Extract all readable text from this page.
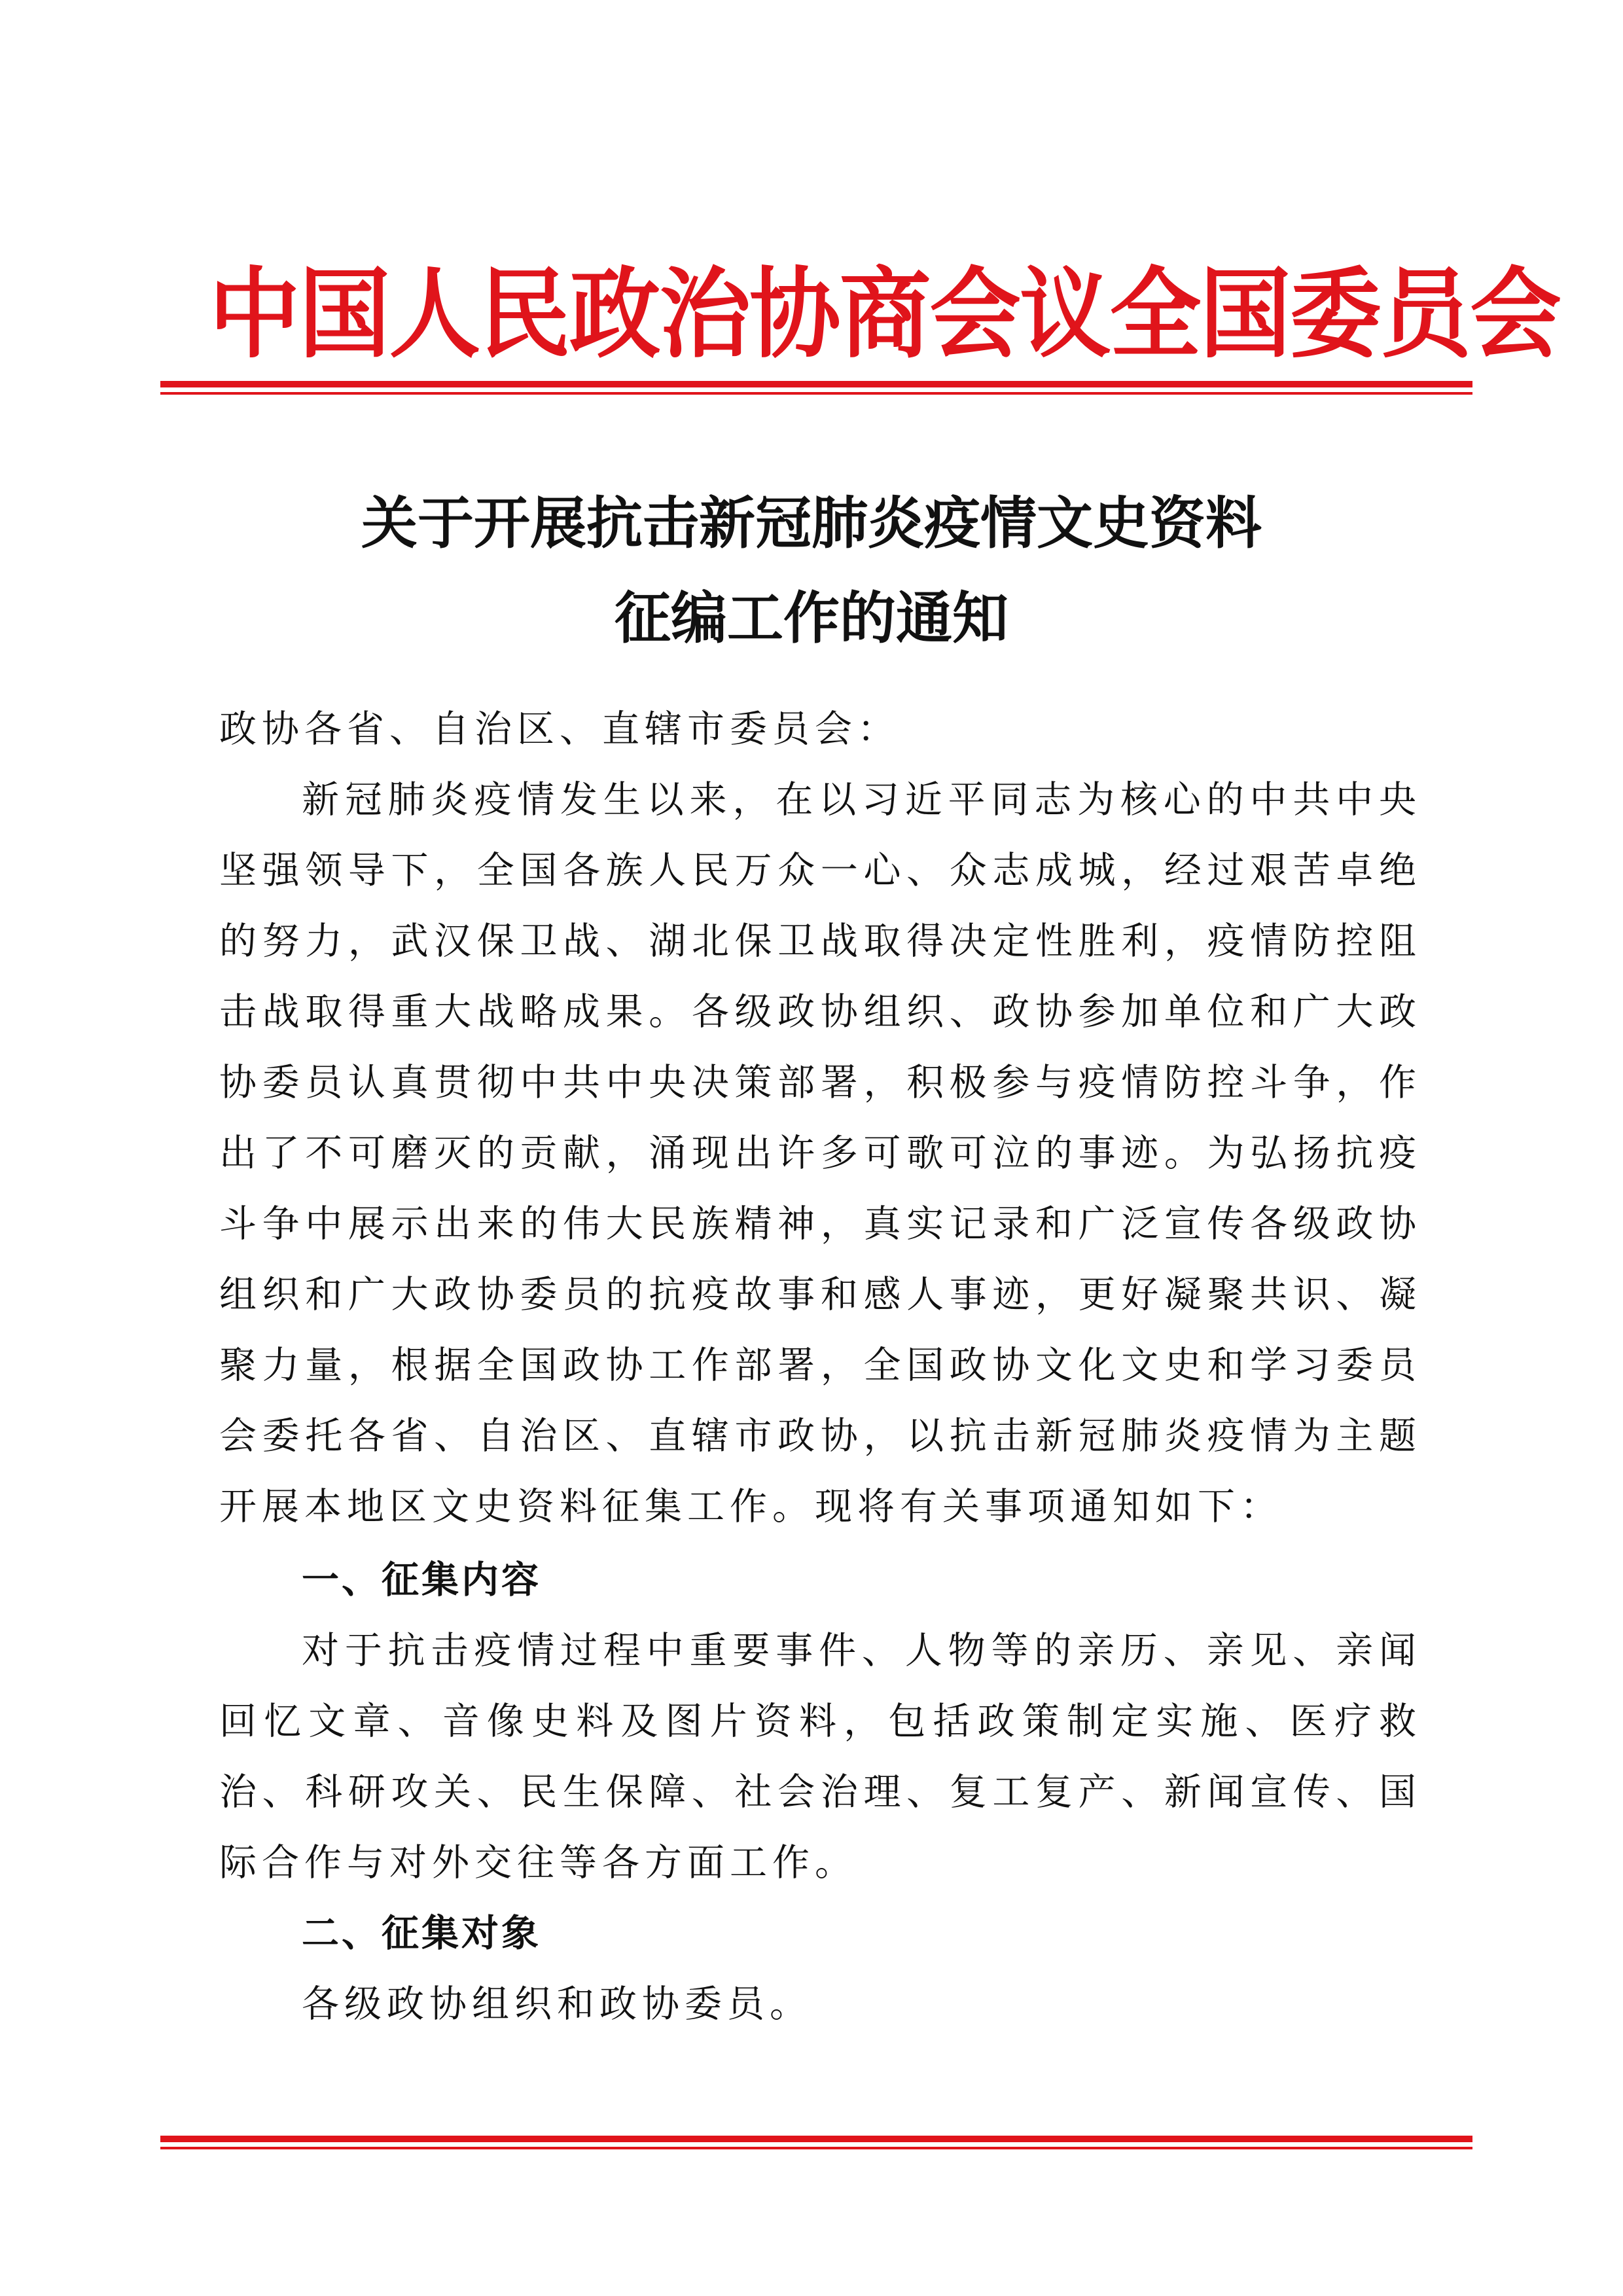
中国人民政治协商会议全国委员会
关于开展抗击新冠肺炎疫情文史资料
征编工作的通知
政协各省、自治区、直辖市委员会：
新冠肺炎疫情发生以来，在以习近平同志为核心的中共中央
坚强领导下，全国各族人民万众一心、众志成城，经过艰苦卓绝
的努力，武汉保卫战、湖北保卫战取得决定性胜利，疫情防控阻
击战取得重大战略成果。各级政协组织、政协参加单位和广大政
协委员认真贯彻中共中央决策部署，积极参与疫情防控斗争，作
出了不可磨灭的贡献，涌现出许多可歌可泣的事迹。为弘扬抗疫
斗争中展示出来的伟大民族精神，真实记录和广泛宣传各级政协
组织和广大政协委员的抗疫故事和感人事迹，更好凝聚共识、凝
聚力量，根据全国政协工作部署，全国政协文化文史和学习委员
会委托各省、自治区、直辖市政协，以抗击新冠肺炎疫情为主题
开展本地区文史资料征集工作。现将有关事项通知如下：
一、征集内容
对于抗击疫情过程中重要事件、人物等的亲历、亲见、亲闻
回忆文章、音像史料及图片资料，包括政策制定实施、医疗救
治、科研攻关、民生保障、社会治理、复工复产、新闻宣传、国
际合作与对外交往等各方面工作。
二、征集对象
各级政协组织和政协委员。
